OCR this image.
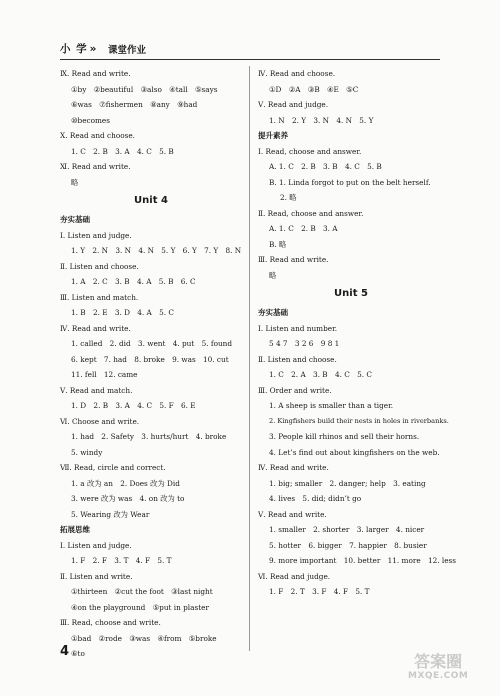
小 学 » 课堂作业
Ⅸ. Read and write.
①by　②beautiful　③also　④tall　⑤says
⑥was　⑦fishermen　⑧any　⑨had
⑩becomes
Ⅹ. Read and choose.
1. C　2. B　3. A　4. C　5. B
Ⅺ. Read and write.
略
Unit 4
夯实基础
Ⅰ. Listen and judge.
1. Y　2. N　3. N　4. N　5. Y　6. Y　7. Y　8. N
Ⅱ. Listen and choose.
1. A　2. C　3. B　4. A　5. B　6. C
Ⅲ. Listen and match.
1. B　2. E　3. D　4. A　5. C
Ⅳ. Read and write.
1. called　2. did　3. went　4. put　5. found
6. kept　7. had　8. broke　9. was　10. cut
11. fell　12. came
Ⅴ. Read and match.
1. D　2. B　3. A　4. C　5. F　6. E
Ⅵ. Choose and write.
1. had　2. Safety　3. hurts/hurt　4. broke
5. windy
Ⅶ. Read, circle and correct.
1. a 改为 an　2. Does 改为 Did
3. were 改为 was　4. on 改为 to
5. Wearing 改为 Wear
拓展思维
Ⅰ. Listen and judge.
1. F　2. F　3. T　4. F　5. T
Ⅱ. Listen and write.
①thirteen　②cut the foot　③last night
④on the playground　⑤put in plaster
Ⅲ. Read, choose and write.
①bad　②rode　③was　④from　⑤broke
⑥to
Ⅳ. Read and choose.
①D　②A　③B　④E　⑤C
Ⅴ. Read and judge.
1. N　2. Y　3. N　4. N　5. Y
提升素养
Ⅰ. Read, choose and answer.
A. 1. C　2. B　3. B　4. C　5. B
B. 1. Linda forgot to put on the belt herself.
2. 略
Ⅱ. Read, choose and answer.
A. 1. C　2. B　3. A
B. 略
Ⅲ. Read and write.
略
Unit 5
夯实基础
Ⅰ. Listen and number.
5 4 7　3 2 6　9 8 1
Ⅱ. Listen and choose.
1. C　2. A　3. B　4. C　5. C
Ⅲ. Order and write.
1. A sheep is smaller than a tiger.
2. Kingfishers build their nests in holes in riverbanks.
3. People kill rhinos and sell their horns.
4. Let’s find out about kingfishers on the web.
Ⅳ. Read and write.
1. big; smaller　2. danger; help　3. eating
4. lives　5. did; didn’t go
Ⅴ. Read and write.
1. smaller　2. shorter　3. larger　4. nicer
5. hotter　6. bigger　7. happier　8. busier
9. more important　10. better　11. more　12. less
Ⅵ. Read and judge.
1. F　2. T　3. F　4. F　5. T
4
答案圈
MXQE.COM
